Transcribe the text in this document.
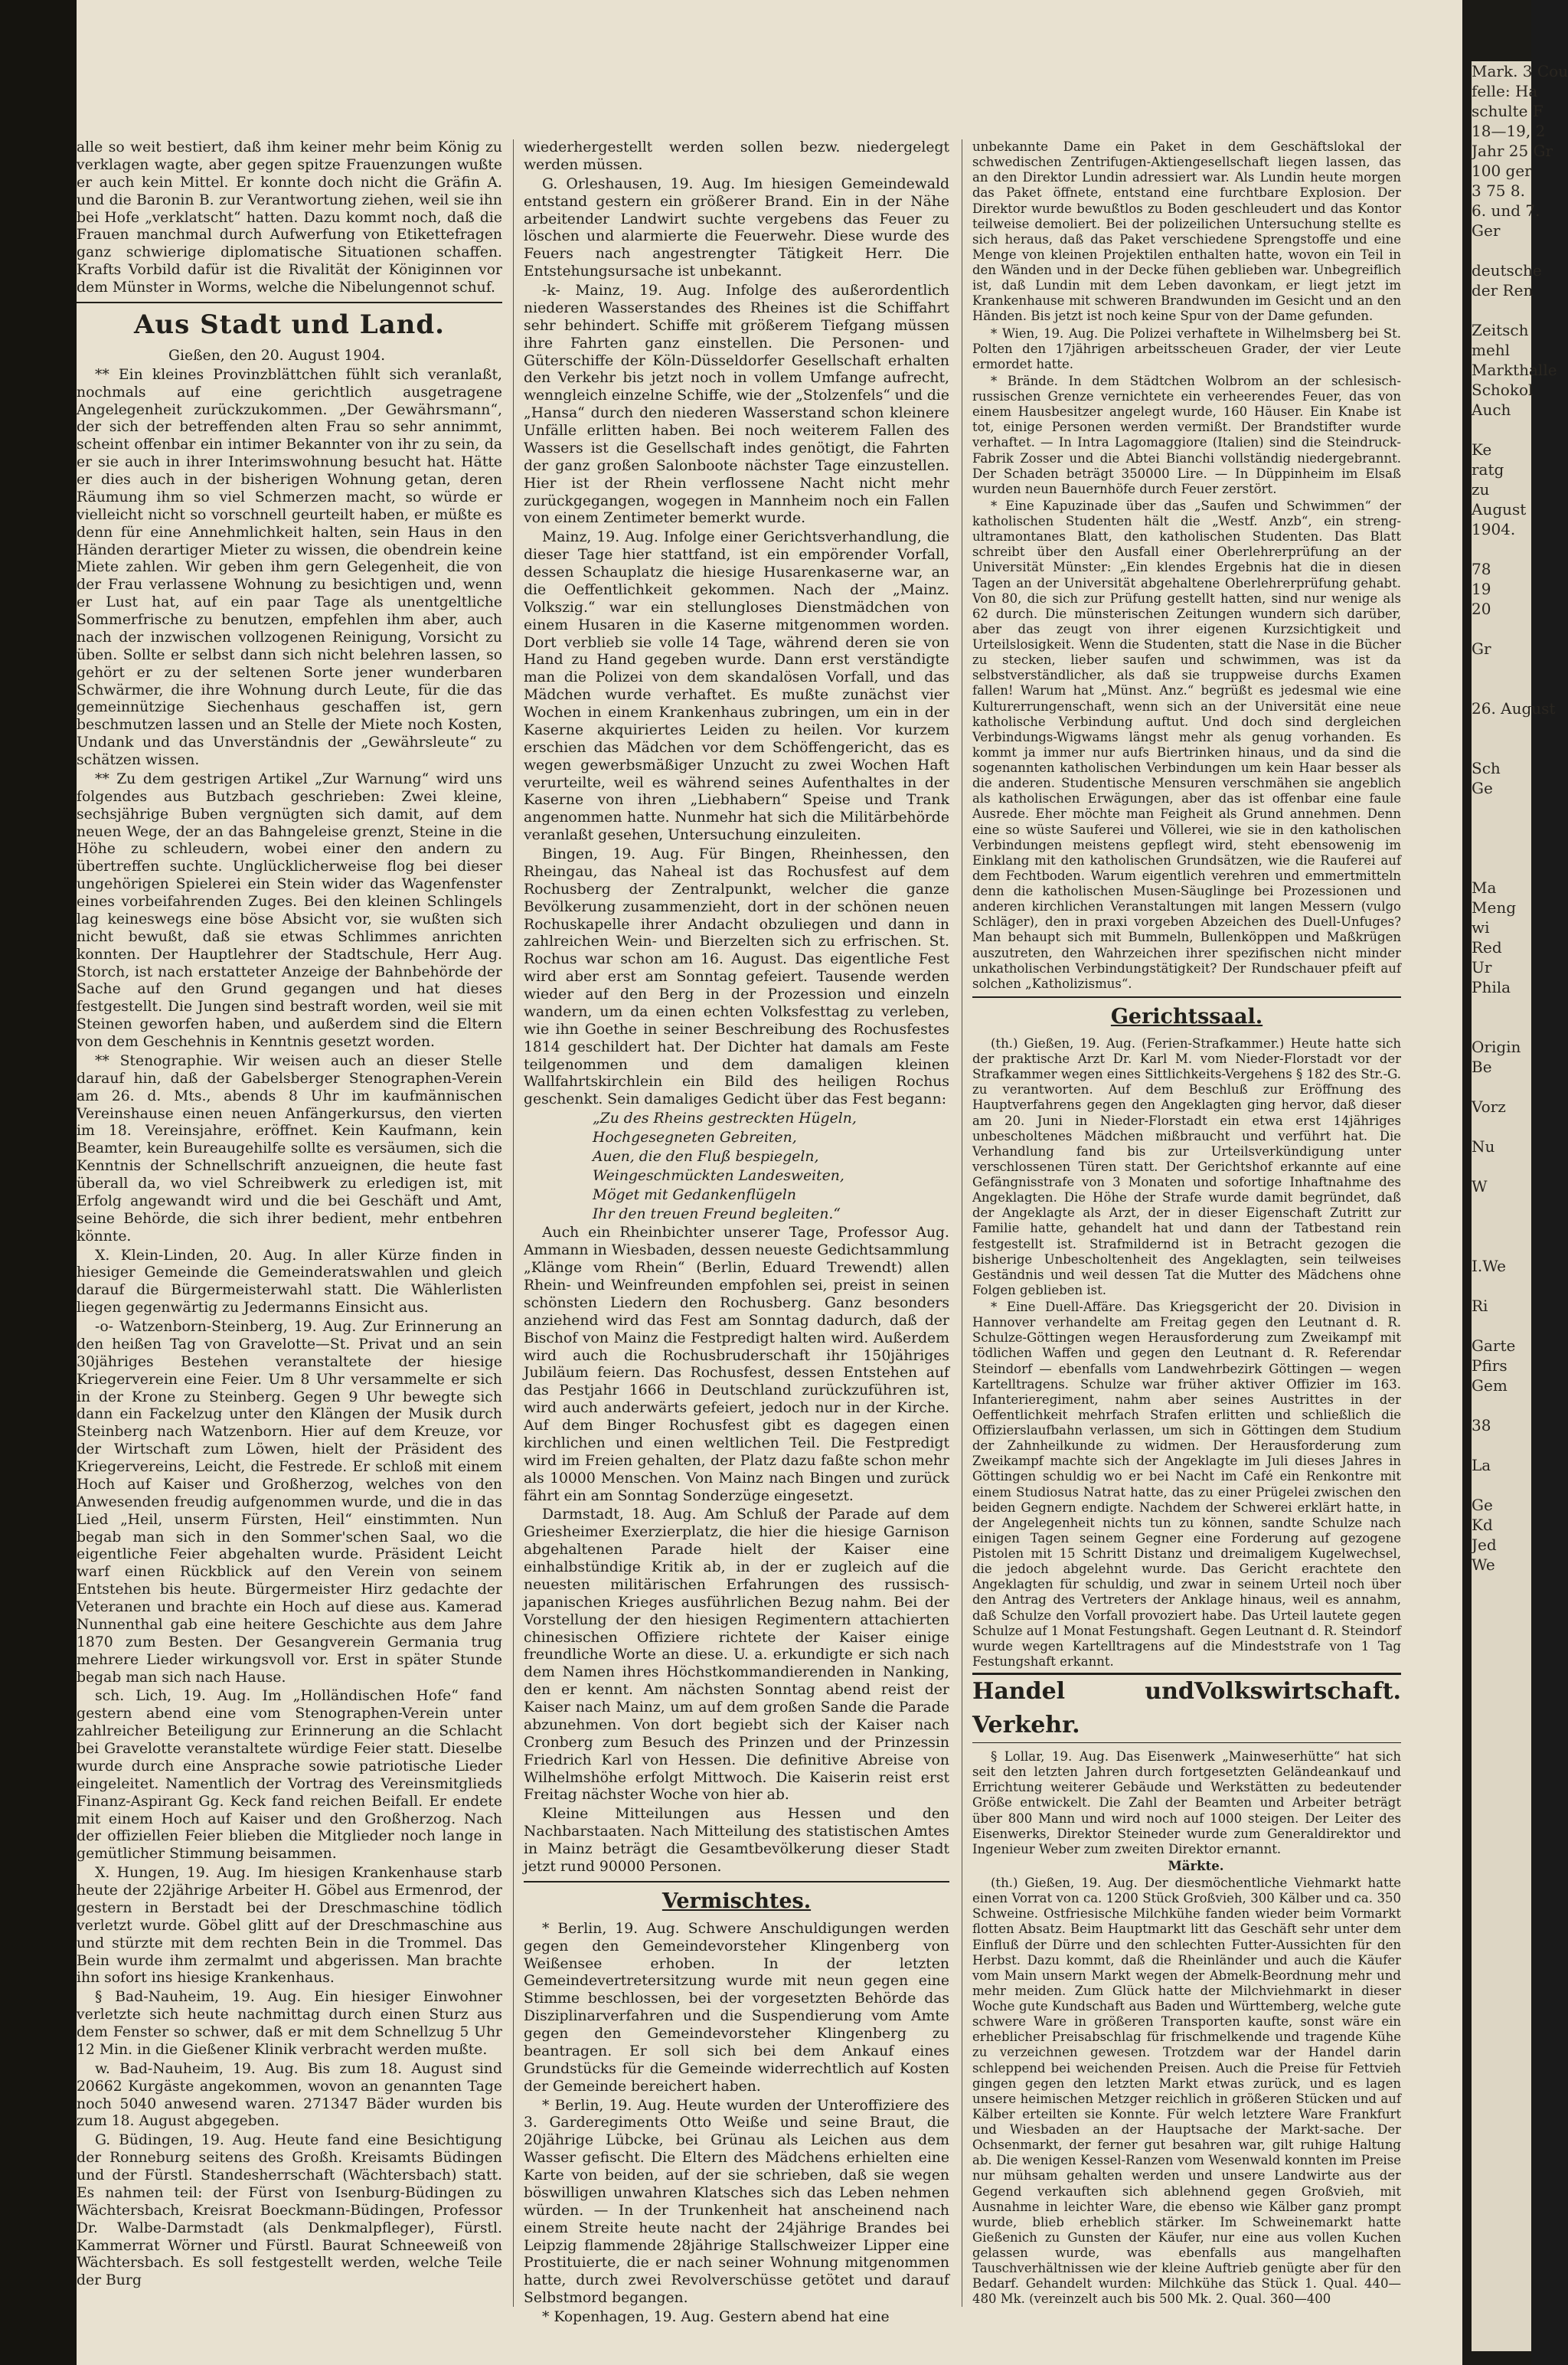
alle so weit bestiert, daß ihm keiner mehr beim König zu verklagen wagte, aber gegen spitze Frauenzungen wußte er auch kein Mittel. Er konnte doch nicht die Gräfin A. und die Baronin B. zur Verantwortung ziehen, weil sie ihn bei Hofe „verklatscht“ hatten. Dazu kommt noch, daß die Frauen manchmal durch Aufwerfung von Etikettefragen ganz schwierige diplomatische Situationen schaffen. Krafts Vorbild dafür ist die Rivalität der Königinnen vor dem Münster in Worms, welche die Nibelungennot schuf.

Aus Stadt und Land.

Gießen, den 20. August 1904.

** Ein kleines Provinzblättchen fühlt sich veranlaßt, nochmals auf eine gerichtlich ausgetragene Angelegenheit zurückzukommen. „Der Gewährsmann“, der sich der betreffenden alten Frau so sehr annimmt, scheint offenbar ein intimer Bekannter von ihr zu sein, da er sie auch in ihrer Interimswohnung besucht hat. Hätte er dies auch in der bisherigen Wohnung getan, deren Räumung ihm so viel Schmerzen macht, so würde er vielleicht nicht so vorschnell geurteilt haben, er müßte es denn für eine Annehmlichkeit halten, sein Haus in den Händen derartiger Mieter zu wissen, die obendrein keine Miete zahlen. Wir geben ihm gern Gelegenheit, die von der Frau verlassene Wohnung zu besichtigen und, wenn er Lust hat, auf ein paar Tage als unentgeltliche Sommerfrische zu benutzen, empfehlen ihm aber, auch nach der inzwischen vollzogenen Reinigung, Vorsicht zu üben. Sollte er selbst dann sich nicht belehren lassen, so gehört er zu der seltenen Sorte jener wunderbaren Schwärmer, die ihre Wohnung durch Leute, für die das gemeinnützige Siechenhaus geschaffen ist, gern beschmutzen lassen und an Stelle der Miete noch Kosten, Undank und das Unverständnis der „Gewährsleute“ zu schätzen wissen.

** Zu dem gestrigen Artikel „Zur Warnung“ wird uns folgendes aus Butzbach geschrieben: Zwei kleine, sechsjährige Buben vergnügten sich damit, auf dem neuen Wege, der an das Bahngeleise grenzt, Steine in die Höhe zu schleudern, wobei einer den andern zu übertreffen suchte. Unglücklicherweise flog bei dieser ungehörigen Spielerei ein Stein wider das Wagenfenster eines vorbeifahrenden Zuges. Bei den kleinen Schlingels lag keineswegs eine böse Absicht vor, sie wußten sich nicht bewußt, daß sie etwas Schlimmes anrichten konnten. Der Hauptlehrer der Stadtschule, Herr Aug. Storch, ist nach erstatteter Anzeige der Bahnbehörde der Sache auf den Grund gegangen und hat dieses festgestellt. Die Jungen sind bestraft worden, weil sie mit Steinen geworfen haben, und außerdem sind die Eltern von dem Geschehnis in Kenntnis gesetzt worden.

** Stenographie. Wir weisen auch an dieser Stelle darauf hin, daß der Gabelsberger Stenographen-Verein am 26. d. Mts., abends 8 Uhr im kaufmännischen Vereinshause einen neuen Anfängerkursus, den vierten im 18. Vereinsjahre, eröffnet. Kein Kaufmann, kein Beamter, kein Bureaugehilfe sollte es versäumen, sich die Kenntnis der Schnellschrift anzueignen, die heute fast überall da, wo viel Schreibwerk zu erledigen ist, mit Erfolg angewandt wird und die bei Geschäft und Amt, seine Behörde, die sich ihrer bedient, mehr entbehren könnte.

X. Klein-Linden, 20. Aug. In aller Kürze finden in hiesiger Gemeinde die Gemeinderatswahlen und gleich darauf die Bürgermeisterwahl statt. Die Wählerlisten liegen gegenwärtig zu Jedermanns Einsicht aus.

-o- Watzenborn-Steinberg, 19. Aug. Zur Erinnerung an den heißen Tag von Gravelotte—St. Privat und an sein 30jähriges Bestehen veranstaltete der hiesige Kriegerverein eine Feier. Um 8 Uhr versammelte er sich in der Krone zu Steinberg. Gegen 9 Uhr bewegte sich dann ein Fackelzug unter den Klängen der Musik durch Steinberg nach Watzenborn. Hier auf dem Kreuze, vor der Wirtschaft zum Löwen, hielt der Präsident des Kriegervereins, Leicht, die Festrede. Er schloß mit einem Hoch auf Kaiser und Großherzog, welches von den Anwesenden freudig aufgenommen wurde, und die in das Lied „Heil, unserm Fürsten, Heil“ einstimmten. Nun begab man sich in den Sommer'schen Saal, wo die eigentliche Feier abgehalten wurde. Präsident Leicht warf einen Rückblick auf den Verein von seinem Entstehen bis heute. Bürgermeister Hirz gedachte der Veteranen und brachte ein Hoch auf diese aus. Kamerad Nunnenthal gab eine heitere Geschichte aus dem Jahre 1870 zum Besten. Der Gesangverein Germania trug mehrere Lieder wirkungsvoll vor. Erst in später Stunde begab man sich nach Hause.

sch. Lich, 19. Aug. Im „Holländischen Hofe“ fand gestern abend eine vom Stenographen-Verein unter zahlreicher Beteiligung zur Erinnerung an die Schlacht bei Gravelotte veranstaltete würdige Feier statt. Dieselbe wurde durch eine Ansprache sowie patriotische Lieder eingeleitet. Namentlich der Vortrag des Vereinsmitglieds Finanz-Aspirant Gg. Keck fand reichen Beifall. Er endete mit einem Hoch auf Kaiser und den Großherzog. Nach der offiziellen Feier blieben die Mitglieder noch lange in gemütlicher Stimmung beisammen.

X. Hungen, 19. Aug. Im hiesigen Krankenhause starb heute der 22jährige Arbeiter H. Göbel aus Ermenrod, der gestern in Berstadt bei der Dreschmaschine tödlich verletzt wurde. Göbel glitt auf der Dreschmaschine aus und stürzte mit dem rechten Bein in die Trommel. Das Bein wurde ihm zermalmt und abgerissen. Man brachte ihn sofort ins hiesige Krankenhaus.

§ Bad-Nauheim, 19. Aug. Ein hiesiger Einwohner verletzte sich heute nachmittag durch einen Sturz aus dem Fenster so schwer, daß er mit dem Schnellzug 5 Uhr 12 Min. in die Gießener Klinik verbracht werden mußte.

w. Bad-Nauheim, 19. Aug. Bis zum 18. August sind 20662 Kurgäste angekommen, wovon an genannten Tage noch 5040 anwesend waren. 271347 Bäder wurden bis zum 18. August abgegeben.

G. Büdingen, 19. Aug. Heute fand eine Besichtigung der Ronneburg seitens des Großh. Kreisamts Büdingen und der Fürstl. Standesherrschaft (Wächtersbach) statt. Es nahmen teil: der Fürst von Isenburg-Büdingen zu Wächtersbach, Kreisrat Boeckmann-Büdingen, Professor Dr. Walbe-Darmstadt (als Denkmalpfleger), Fürstl. Kammerrat Wörner und Fürstl. Baurat Schneeweiß von Wächtersbach. Es soll festgestellt werden, welche Teile der Burg

wiederhergestellt werden sollen bezw. niedergelegt werden müssen.

G. Orleshausen, 19. Aug. Im hiesigen Gemeindewald entstand gestern ein größerer Brand. Ein in der Nähe arbeitender Landwirt suchte vergebens das Feuer zu löschen und alarmierte die Feuerwehr. Diese wurde des Feuers nach angestrengter Tätigkeit Herr. Die Entstehungsursache ist unbekannt.

-k- Mainz, 19. Aug. Infolge des außerordentlich niederen Wasserstandes des Rheines ist die Schiffahrt sehr behindert. Schiffe mit größerem Tiefgang müssen ihre Fahrten ganz einstellen. Die Personen- und Güterschiffe der Köln-Düsseldorfer Gesellschaft erhalten den Verkehr bis jetzt noch in vollem Umfange aufrecht, wenngleich einzelne Schiffe, wie der „Stolzenfels“ und die „Hansa“ durch den niederen Wasserstand schon kleinere Unfälle erlitten haben. Bei noch weiterem Fallen des Wassers ist die Gesellschaft indes genötigt, die Fahrten der ganz großen Salonboote nächster Tage einzustellen. Hier ist der Rhein verflossene Nacht nicht mehr zurückgegangen, wogegen in Mannheim noch ein Fallen von einem Zentimeter bemerkt wurde.

Mainz, 19. Aug. Infolge einer Gerichtsverhandlung, die dieser Tage hier stattfand, ist ein empörender Vorfall, dessen Schauplatz die hiesige Husarenkaserne war, an die Oeffentlichkeit gekommen. Nach der „Mainz. Volkszig.“ war ein stellungloses Dienstmädchen von einem Husaren in die Kaserne mitgenommen worden. Dort verblieb sie volle 14 Tage, während deren sie von Hand zu Hand gegeben wurde. Dann erst verständigte man die Polizei von dem skandalösen Vorfall, und das Mädchen wurde verhaftet. Es mußte zunächst vier Wochen in einem Krankenhaus zubringen, um ein in der Kaserne akquiriertes Leiden zu heilen. Vor kurzem erschien das Mädchen vor dem Schöffengericht, das es wegen gewerbsmäßiger Unzucht zu zwei Wochen Haft verurteilte, weil es während seines Aufenthaltes in der Kaserne von ihren „Liebhabern“ Speise und Trank angenommen hatte. Nunmehr hat sich die Militärbehörde veranlaßt gesehen, Untersuchung einzuleiten.

Bingen, 19. Aug. Für Bingen, Rheinhessen, den Rheingau, das Naheal ist das Rochusfest auf dem Rochusberg der Zentralpunkt, welcher die ganze Bevölkerung zusammenzieht, dort in der schönen neuen Rochuskapelle ihrer Andacht obzuliegen und dann in zahlreichen Wein- und Bierzelten sich zu erfrischen. St. Rochus war schon am 16. August. Das eigentliche Fest wird aber erst am Sonntag gefeiert. Tausende werden wieder auf den Berg in der Prozession und einzeln wandern, um da einen echten Volksfesttag zu verleben, wie ihn Goethe in seiner Beschreibung des Rochusfestes 1814 geschildert hat. Der Dichter hat damals am Feste teilgenommen und dem damaligen kleinen Wallfahrtskirchlein ein Bild des heiligen Rochus geschenkt. Sein damaliges Gedicht über das Fest begann:

„Zu des Rheins gestreckten Hügeln,

Hochgesegneten Gebreiten,

Auen, die den Fluß bespiegeln,

Weingeschmückten Landesweiten,

Möget mit Gedankenflügeln

Ihr den treuen Freund begleiten.“

Auch ein Rheinbichter unserer Tage, Professor Aug. Ammann in Wiesbaden, dessen neueste Gedichtsammlung „Klänge vom Rhein“ (Berlin, Eduard Trewendt) allen Rhein- und Weinfreunden empfohlen sei, preist in seinen schönsten Liedern den Rochusberg. Ganz besonders anziehend wird das Fest am Sonntag dadurch, daß der Bischof von Mainz die Festpredigt halten wird. Außerdem wird auch die Rochusbruderschaft ihr 150jähriges Jubiläum feiern. Das Rochusfest, dessen Entstehen auf das Pestjahr 1666 in Deutschland zurückzuführen ist, wird auch anderwärts gefeiert, jedoch nur in der Kirche. Auf dem Binger Rochusfest gibt es dagegen einen kirchlichen und einen weltlichen Teil. Die Festpredigt wird im Freien gehalten, der Platz dazu faßte schon mehr als 10000 Menschen. Von Mainz nach Bingen und zurück fährt ein am Sonntag Sonderzüge eingesetzt.

Darmstadt, 18. Aug. Am Schluß der Parade auf dem Griesheimer Exerzierplatz, die hier die hiesige Garnison abgehaltenen Parade hielt der Kaiser eine einhalbstündige Kritik ab, in der er zugleich auf die neuesten militärischen Erfahrungen des russisch-japanischen Krieges ausführlichen Bezug nahm. Bei der Vorstellung der den hiesigen Regimentern attachierten chinesischen Offiziere richtete der Kaiser einige freundliche Worte an diese. U. a. erkundigte er sich nach dem Namen ihres Höchstkommandierenden in Nanking, den er kennt. Am nächsten Sonntag abend reist der Kaiser nach Mainz, um auf dem großen Sande die Parade abzunehmen. Von dort begiebt sich der Kaiser nach Cronberg zum Besuch des Prinzen und der Prinzessin Friedrich Karl von Hessen. Die definitive Abreise von Wilhelmshöhe erfolgt Mittwoch. Die Kaiserin reist erst Freitag nächster Woche von hier ab.

Kleine Mitteilungen aus Hessen und den Nachbarstaaten. Nach Mitteilung des statistischen Amtes in Mainz beträgt die Gesamtbevölkerung dieser Stadt jetzt rund 90000 Personen.

Vermischtes.

* Berlin, 19. Aug. Schwere Anschuldigungen werden gegen den Gemeindevorsteher Klingenberg von Weißensee erhoben. In der letzten Gemeindevertretersitzung wurde mit neun gegen eine Stimme beschlossen, bei der vorgesetzten Behörde das Disziplinarverfahren und die Suspendierung vom Amte gegen den Gemeindevorsteher Klingenberg zu beantragen. Er soll sich bei dem Ankauf eines Grundstücks für die Gemeinde widerrechtlich auf Kosten der Gemeinde bereichert haben.

* Berlin, 19. Aug. Heute wurden der Unteroffiziere des 3. Garderegiments Otto Weiße und seine Braut, die 20jährige Lübcke, bei Grünau als Leichen aus dem Wasser gefischt. Die Eltern des Mädchens erhielten eine Karte von beiden, auf der sie schrieben, daß sie wegen böswilligen unwahren Klatsches sich das Leben nehmen würden. — In der Trunkenheit hat anscheinend nach einem Streite heute nacht der 24jährige Brandes bei Leipzig flammende 28jährige Stallschweizer Lipper eine Prostituierte, die er nach seiner Wohnung mitgenommen hatte, durch zwei Revolverschüsse getötet und darauf Selbstmord begangen.

* Kopenhagen, 19. Aug. Gestern abend hat eine

unbekannte Dame ein Paket in dem Geschäftslokal der schwedischen Zentrifugen-Aktiengesellschaft liegen lassen, das an den Direktor Lundin adressiert war. Als Lundin heute morgen das Paket öffnete, entstand eine furchtbare Explosion. Der Direktor wurde bewußtlos zu Boden geschleudert und das Kontor teilweise demoliert. Bei der polizeilichen Untersuchung stellte es sich heraus, daß das Paket verschiedene Sprengstoffe und eine Menge von kleinen Projektilen enthalten hatte, wovon ein Teil in den Wänden und in der Decke fühen geblieben war. Unbegreiflich ist, daß Lundin mit dem Leben davonkam, er liegt jetzt im Krankenhause mit schweren Brandwunden im Gesicht und an den Händen. Bis jetzt ist noch keine Spur von der Dame gefunden.

* Wien, 19. Aug. Die Polizei verhaftete in Wilhelmsberg bei St. Polten den 17jährigen arbeitsscheuen Grader, der vier Leute ermordet hatte.

* Brände. In dem Städtchen Wolbrom an der schlesisch-russischen Grenze vernichtete ein verheerendes Feuer, das von einem Hausbesitzer angelegt wurde, 160 Häuser. Ein Knabe ist tot, einige Personen werden vermißt. Der Brandstifter wurde verhaftet. — In Intra Lagomaggiore (Italien) sind die Steindruck-Fabrik Zosser und die Abtei Bianchi vollständig niedergebrannt. Der Schaden beträgt 350000 Lire. — In Düppinheim im Elsaß wurden neun Bauernhöfe durch Feuer zerstört.

* Eine Kapuzinade über das „Saufen und Schwimmen“ der katholischen Studenten hält die „Westf. Anzb“, ein streng-ultramontanes Blatt, den katholischen Studenten. Das Blatt schreibt über den Ausfall einer Oberlehrerprüfung an der Universität Münster: „Ein klendes Ergebnis hat die in diesen Tagen an der Universität abgehaltene Oberlehrerprüfung gehabt. Von 80, die sich zur Prüfung gestellt hatten, sind nur wenige als 62 durch. Die münsterischen Zeitungen wundern sich darüber, aber das zeugt von ihrer eigenen Kurzsichtigkeit und Urteilslosigkeit. Wenn die Studenten, statt die Nase in die Bücher zu stecken, lieber saufen und schwimmen, was ist da selbstverständlicher, als daß sie truppweise durchs Examen fallen! Warum hat „Münst. Anz.“ begrüßt es jedesmal wie eine Kulturerrungenschaft, wenn sich an der Universität eine neue katholische Verbindung auftut. Und doch sind dergleichen Verbindungs-Wigwams längst mehr als genug vorhanden. Es kommt ja immer nur aufs Biertrinken hinaus, und da sind die sogenannten katholischen Verbindungen um kein Haar besser als die anderen. Studentische Mensuren verschmähen sie angeblich als katholischen Erwägungen, aber das ist offenbar eine faule Ausrede. Eher möchte man Feigheit als Grund annehmen. Denn eine so wüste Sauferei und Völlerei, wie sie in den katholischen Verbindungen meistens gepflegt wird, steht ebensowenig im Einklang mit den katholischen Grundsätzen, wie die Rauferei auf dem Fechtboden. Warum eigentlich verehren und emmertmitteln denn die katholischen Musen-Säuglinge bei Prozessionen und anderen kirchlichen Veranstaltungen mit langen Messern (vulgo Schläger), den in praxi vorgeben Abzeichen des Duell-Unfuges? Man behaupt sich mit Bummeln, Bullenköppen und Maßkrügen auszutreten, den Wahrzeichen ihrer spezifischen nicht minder unkatholischen Verbindungstätigkeit? Der Rundschauer pfeift auf solchen „Katholizismus“.

Gerichtssaal.

(th.) Gießen, 19. Aug. (Ferien-Strafkammer.) Heute hatte sich der praktische Arzt Dr. Karl M. vom Nieder-Florstadt vor der Strafkammer wegen eines Sittlichkeits-Vergehens § 182 des Str.-G. zu verantworten. Auf dem Beschluß zur Eröffnung des Hauptverfahrens gegen den Angeklagten ging hervor, daß dieser am 20. Juni in Nieder-Florstadt ein etwa erst 14jähriges unbescholtenes Mädchen mißbraucht und verführt hat. Die Verhandlung fand bis zur Urteilsverkündigung unter verschlossenen Türen statt. Der Gerichtshof erkannte auf eine Gefängnisstrafe von 3 Monaten und sofortige Inhaftnahme des Angeklagten. Die Höhe der Strafe wurde damit begründet, daß der Angeklagte als Arzt, der in dieser Eigenschaft Zutritt zur Familie hatte, gehandelt hat und dann der Tatbestand rein festgestellt ist. Strafmildernd ist in Betracht gezogen die bisherige Unbescholtenheit des Angeklagten, sein teilweises Geständnis und weil dessen Tat die Mutter des Mädchens ohne Folgen geblieben ist.

* Eine Duell-Affäre. Das Kriegsgericht der 20. Division in Hannover verhandelte am Freitag gegen den Leutnant d. R. Schulze-Göttingen wegen Herausforderung zum Zweikampf mit tödlichen Waffen und gegen den Leutnant d. R. Referendar Steindorf — ebenfalls vom Landwehrbezirk Göttingen — wegen Kartelltragens. Schulze war früher aktiver Offizier im 163. Infanterieregiment, nahm aber seines Austrittes in der Oeffentlichkeit mehrfach Strafen erlitten und schließlich die Offizierslaufbahn verlassen, um sich in Göttingen dem Studium der Zahnheilkunde zu widmen. Der Herausforderung zum Zweikampf machte sich der Angeklagte im Juli dieses Jahres in Göttingen schuldig wo er bei Nacht im Café ein Renkontre mit einem Studiosus Natrat hatte, das zu einer Prügelei zwischen den beiden Gegnern endigte. Nachdem der Schwerei erklärt hatte, in der Angelegenheit nichts tun zu können, sandte Schulze nach einigen Tagen seinem Gegner eine Forderung auf gezogene Pistolen mit 15 Schritt Distanz und dreimaligem Kugelwechsel, die jedoch abgelehnt wurde. Das Gericht erachtete den Angeklagten für schuldig, und zwar in seinem Urteil noch über den Antrag des Vertreters der Anklage hinaus, weil es annahm, daß Schulze den Vorfall provoziert habe. Das Urteil lautete gegen Schulze auf 1 Monat Festungshaft. Gegen Leutnant d. R. Steindorf wurde wegen Kartelltragens auf die Mindeststrafe von 1 Tag Festungshaft erkannt.

Handel und Verkehr.
Volkswirtschaft.

§ Lollar, 19. Aug. Das Eisenwerk „Mainweserhütte“ hat sich seit den letzten Jahren durch fortgesetzten Geländeankauf und Errichtung weiterer Gebäude und Werkstätten zu bedeutender Größe entwickelt. Die Zahl der Beamten und Arbeiter beträgt über 800 Mann und wird noch auf 1000 steigen. Der Leiter des Eisenwerks, Direktor Steineder wurde zum Generaldirektor und Ingenieur Weber zum zweiten Direktor ernannt.

Märkte.

(th.) Gießen, 19. Aug. Der diesmöchentliche Viehmarkt hatte einen Vorrat von ca. 1200 Stück Großvieh, 300 Kälber und ca. 350 Schweine. Ostfriesische Milchkühe fanden wieder beim Vormarkt flotten Absatz. Beim Hauptmarkt litt das Geschäft sehr unter dem Einfluß der Dürre und den schlechten Futter-Aussichten für den Herbst. Dazu kommt, daß die Rheinländer und auch die Käufer vom Main unsern Markt wegen der Abmelk-Beordnung mehr und mehr meiden. Zum Glück hatte der Milchviehmarkt in dieser Woche gute Kundschaft aus Baden und Württemberg, welche gute schwere Ware in größeren Transporten kaufte, sonst wäre ein erheblicher Preisabschlag für frischmelkende und tragende Kühe zu verzeichnen gewesen. Trotzdem war der Handel darin schleppend bei weichenden Preisen. Auch die Preise für Fettvieh gingen gegen den letzten Markt etwas zurück, und es lagen unsere heimischen Metzger reichlich in größeren Stücken und auf Kälber erteilten sie Konnte. Für welch letztere Ware Frankfurt und Wiesbaden an der Hauptsache der Markt-sache. Der Ochsenmarkt, der ferner gut besahren war, gilt ruhige Haltung ab. Die wenigen Kessel-Ranzen vom Wesenwald konnten im Preise nur mühsam gehalten werden und unsere Landwirte aus der Gegend verkauften sich ablehnend gegen Großvieh, mit Ausnahme in leichter Ware, die ebenso wie Kälber ganz prompt wurde, blieb erheblich stärker. Im Schweinemarkt hatte Gießenich zu Gunsten der Käufer, nur eine aus vollen Kuchen gelassen wurde, was ebenfalls aus mangelhaften Tauschverhältnissen wie der kleine Auftrieb genügte aber für den Bedarf. Gehandelt wurden: Milchkühe das Stück 1. Qual. 440—480 Mk. (vereinzelt auch bis 500 Mk. 2. Qual. 360—400

Mark. 3 Cou
felle: Ha
schulte F
18—19, 2
Jahr 25 Gr
100 ger
3 75 8.
6. und 7.
Ger

deutsche
der Ren

Zeitsch
mehl
Markthalle
Schokol
Auch

Ke
ratg
zu
August
1904.

78
19
20

Gr

26. August

Sch
Ge

Ma
Meng
wi
Red
Ur
Phila

Origin
Be

Vorz

Nu

W

I.We

Ri

Garte
Pfirs
Gem

38

La

Ge
Kd
Jed
We
